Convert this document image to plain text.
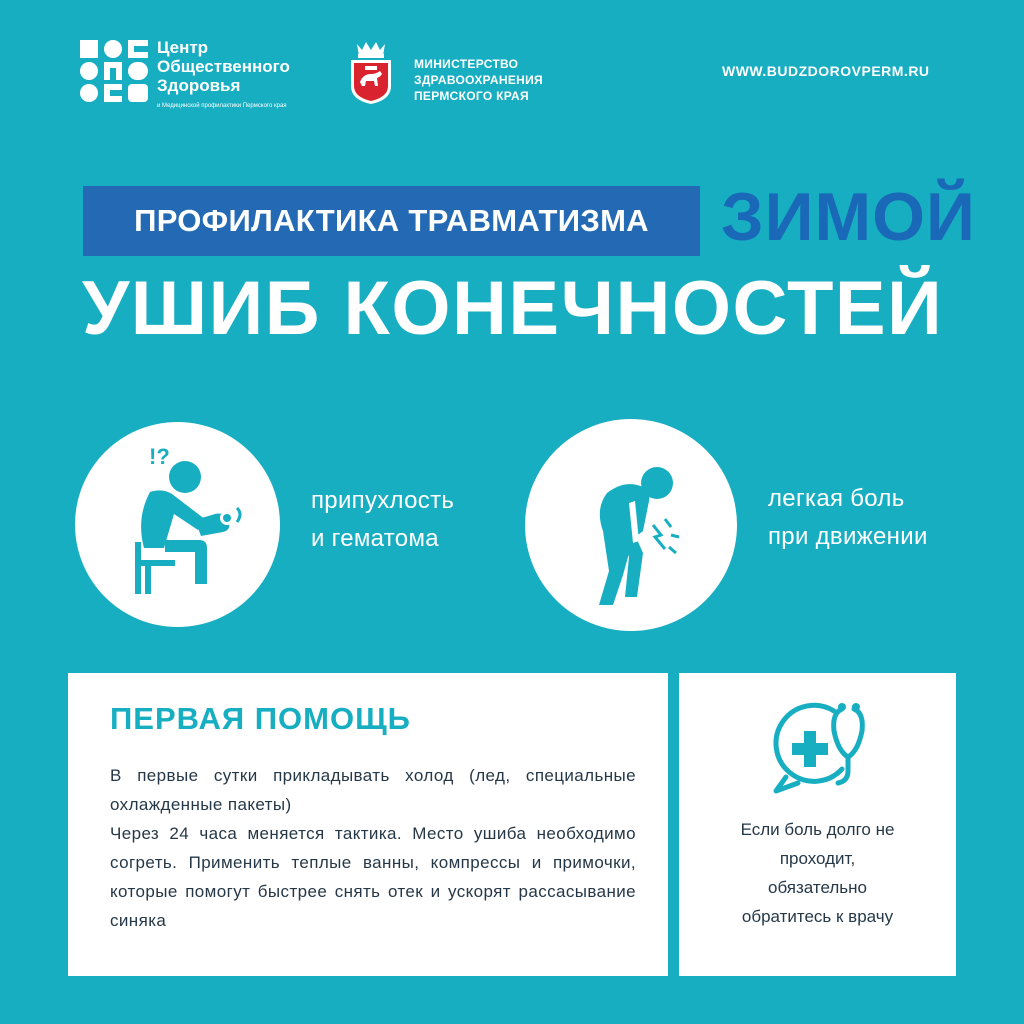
Центр
Общественного
Здоровья
и Медицинской профилактики Пермского края
МИНИСТЕРСТВО
ЗДРАВООХРАНЕНИЯ
ПЕРМСКОГО КРАЯ
WWW.BUDZDOROVPERM.RU
ПРОФИЛАКТИКА ТРАВМАТИЗМА	ЗИМОЙ
УШИБ КОНЕЧНОСТЕЙ
!?
припухлость
и гематома
легкая боль
при движении
ПЕРВАЯ ПОМОЩЬ

В первые сутки прикладывать холод (лед, специальные охлажденные пакеты)

Через 24 часа меняется тактика. Место ушиба необходимо согреть. Применить теплые ванны, компрессы и примочки, которые помогут быстрее снять отек и ускорят рассасывание синяка

Если боль долго не
проходит,
обязательно
обратитесь к врачу
